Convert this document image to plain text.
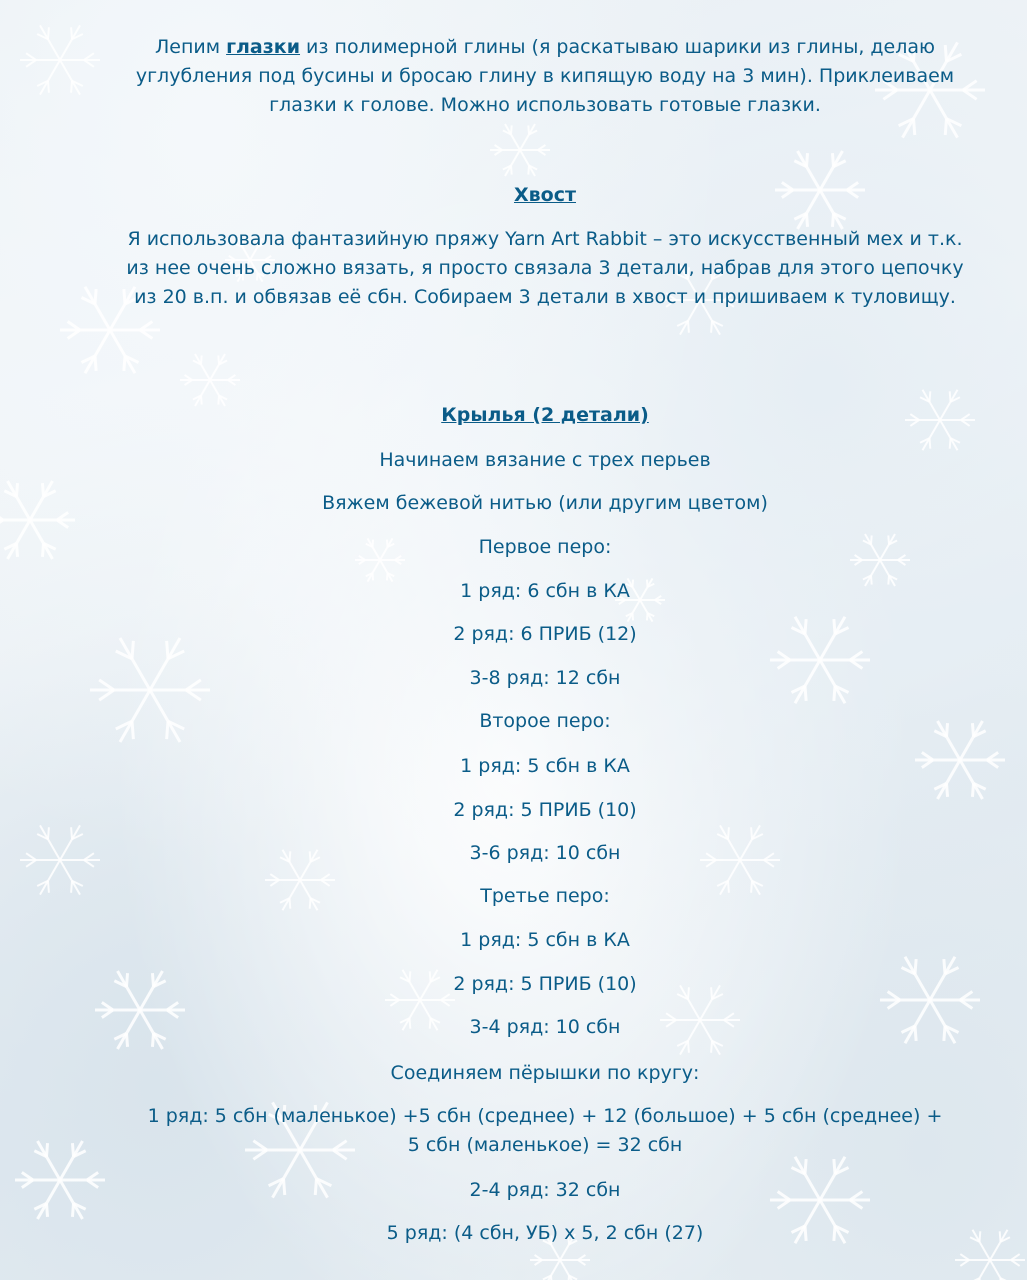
Лепим глазки из полимерной глины (я раскатываю шарики из глины, делаю углубления под бусины и бросаю глину в кипящую воду на 3 мин). Приклеиваем глазки к голове. Можно использовать готовые глазки.

Хвост

Я использовала фантазийную пряжу Yarn Art Rabbit – это искусственный мех и т.к. из нее очень сложно вязать, я просто связала 3 детали, набрав для этого цепочку из 20 в.п. и обвязав её сбн. Собираем 3 детали в хвост и пришиваем к туловищу.

Крылья (2 детали)

Начинаем вязание с трех перьев

Вяжем бежевой нитью (или другим цветом)

Первое перо:

1 ряд: 6 сбн в КА

2 ряд: 6 ПРИБ (12)

3-8 ряд: 12 сбн

Второе перо:

1 ряд: 5 сбн в КА

2 ряд: 5 ПРИБ (10)

3-6 ряд: 10 сбн

Третье перо:

1 ряд: 5 сбн в КА

2 ряд: 5 ПРИБ (10)

3-4 ряд: 10 сбн

Соединяем пёрышки по кругу:

1 ряд: 5 сбн (маленькое) +5 сбн (среднее) + 12 (большое) + 5 сбн (среднее) + 5 сбн (маленькое) = 32 сбн

2-4 ряд: 32 сбн

5 ряд: (4 сбн, УБ) х 5, 2 сбн (27)
